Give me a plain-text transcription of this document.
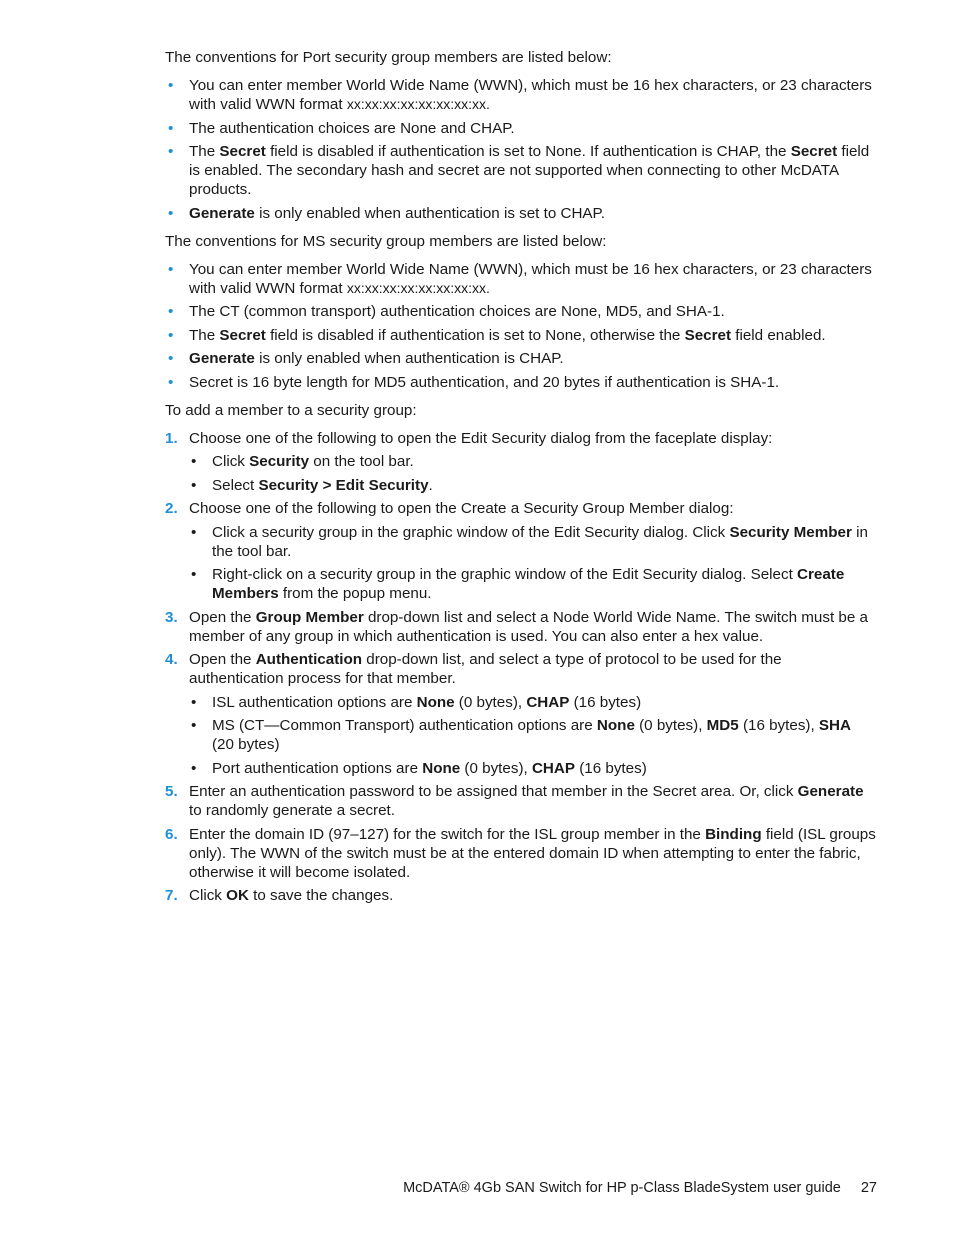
The conventions for Port security group members are listed below:

• You can enter member World Wide Name (WWN), which must be 16 hex characters, or 23 characters with valid WWN format xx:xx:xx:xx:xx:xx:xx:xx.
• The authentication choices are None and CHAP.
• The Secret field is disabled if authentication is set to None. If authentication is CHAP, the Secret field is enabled. The secondary hash and secret are not supported when connecting to other McDATA products.
• Generate is only enabled when authentication is set to CHAP.

The conventions for MS security group members are listed below:

• You can enter member World Wide Name (WWN), which must be 16 hex characters, or 23 characters with valid WWN format xx:xx:xx:xx:xx:xx:xx:xx.
• The CT (common transport) authentication choices are None, MD5, and SHA-1.
• The Secret field is disabled if authentication is set to None, otherwise the Secret field enabled.
• Generate is only enabled when authentication is CHAP.
• Secret is 16 byte length for MD5 authentication, and 20 bytes if authentication is SHA-1.

To add a member to a security group:

1. Choose one of the following to open the Edit Security dialog from the faceplate display:
• Click Security on the tool bar.
• Select Security > Edit Security.
2. Choose one of the following to open the Create a Security Group Member dialog:
• Click a security group in the graphic window of the Edit Security dialog. Click Security Member in the tool bar.
• Right-click on a security group in the graphic window of the Edit Security dialog. Select Create Members from the popup menu.
3. Open the Group Member drop-down list and select a Node World Wide Name. The switch must be a member of any group in which authentication is used. You can also enter a hex value.
4. Open the Authentication drop-down list, and select a type of protocol to be used for the authentication process for that member.
• ISL authentication options are None (0 bytes), CHAP (16 bytes)
• MS (CT—Common Transport) authentication options are None (0 bytes), MD5 (16 bytes), SHA (20 bytes)
• Port authentication options are None (0 bytes), CHAP (16 bytes)
5. Enter an authentication password to be assigned that member in the Secret area. Or, click Generate to randomly generate a secret.
6. Enter the domain ID (97–127) for the switch for the ISL group member in the Binding field (ISL groups only). The WWN of the switch must be at the entered domain ID when attempting to enter the fabric, otherwise it will become isolated.
7. Click OK to save the changes.
McDATA® 4Gb SAN Switch for HP p-Class BladeSystem user guide 27
